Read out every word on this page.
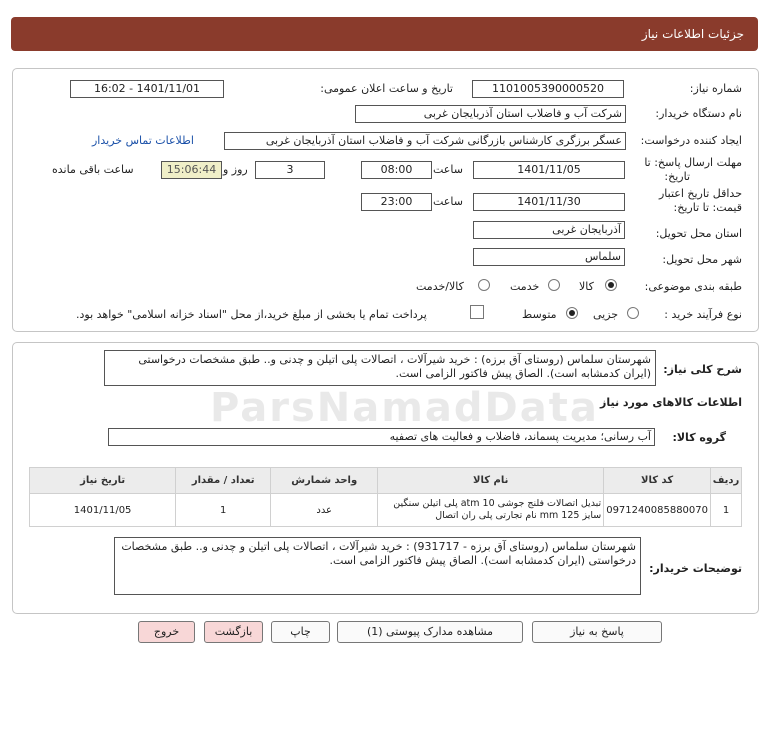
جزئیات اطلاعات نیاز
شماره نیاز:
1101005390000520
تاریخ و ساعت اعلان عمومی:
1401/11/01 - 16:02
نام دستگاه خریدار:
شرکت آب و فاضلاب استان آذربایجان غربی
ایجاد کننده درخواست:
عسگر برزگری کارشناس بازرگانی شرکت آب و فاضلاب استان آذربایجان غربی
اطلاعات تماس خریدار
مهلت ارسال پاسخ: تا
تاریخ:
1401/11/05
ساعت
08:00
3
روز و
15:06:44
ساعت باقی مانده
حداقل تاریخ اعتبار
قیمت: تا تاریخ:
1401/11/30
ساعت
23:00
استان محل تحویل:
آذربایجان غربی
شهر محل تحویل:
سلماس
طبقه بندی موضوعی:
کالا
خدمت
کالا/خدمت
نوع فرآیند خرید :
جزیی
متوسط
پرداخت تمام یا بخشی از مبلغ خرید،از محل "اسناد خزانه اسلامی" خواهد بود.
شرح کلی نیاز:
شهرستان سلماس (روستای آق برزه) : خرید شیرآلات ، اتصالات پلی اتیلن و چدنی و.. طبق مشخصات درخواستی (ایران کدمشابه است). الصاق پیش فاکتور الزامی است.
اطلاعات کالاهای مورد نیاز
گروه کالا:
آب رسانی؛ مدیریت پسماند، فاضلاب و فعالیت های تصفیه
ردیف	کد کالا	نام کالا	واحد شمارش	تعداد / مقدار	تاریخ نیاز
1	0971240085880070	تبدیل اتصالات فلنج جوشی atm 10 پلی اتیلن سنگین سایز mm 125 نام تجارتی پلی ران اتصال	عدد	1	1401/11/05
توضیحات خریدار:
شهرستان سلماس (روستای آق برزه - 931717) : خرید شیرآلات ، اتصالات پلی اتیلن و چدنی و.. طبق مشخصات درخواستی (ایران کدمشابه است). الصاق پیش فاکتور الزامی است.
ParsNamadData
پاسخ به نیاز
مشاهده مدارک پیوستی (1)
چاپ
بازگشت
خروج
